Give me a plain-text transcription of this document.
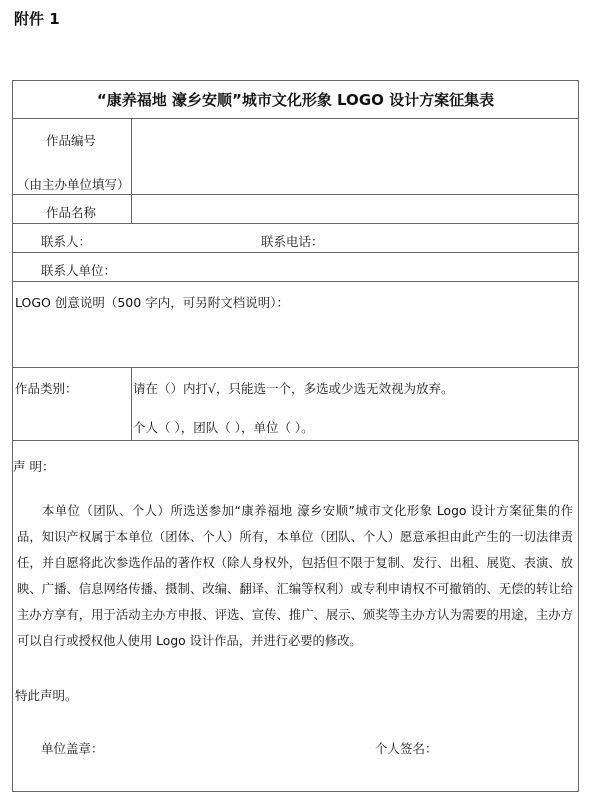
附件 1
“康养福地 濠乡安顺”城市文化形象 LOGO 设计方案征集表
作品编号
（由主办单位填写）
作品名称
联系人：	联系电话：
联系人单位：
LOGO 创意说明（500 字内，可另附文档说明）：
作品类别：	请在（）内打√，只能选一个，多选或少选无效视为放弃。
个人（ ），团队（ ），单位（ ）。
声 明：

本单位（团队、个人）所选送参加“康养福地 濠乡安顺”城市文化形象 Logo 设计方案征集的作品，知识产权属于本单位（团体、个人）所有，本单位（团队、个人）愿意承担由此产生的一切法律责任，并自愿将此次参选作品的著作权（除人身权外，包括但不限于复制、发行、出租、展览、表演、放映、广播、信息网络传播、摄制、改编、翻译、汇编等权利）或专利申请权不可撤销的、无偿的转让给主办方享有，用于活动主办方申报、评选、宣传、推广、展示、颁奖等主办方认为需要的用途，主办方可以自行或授权他人使用 Logo 设计作品，并进行必要的修改。

特此声明。
单位盖章：	个人签名：
